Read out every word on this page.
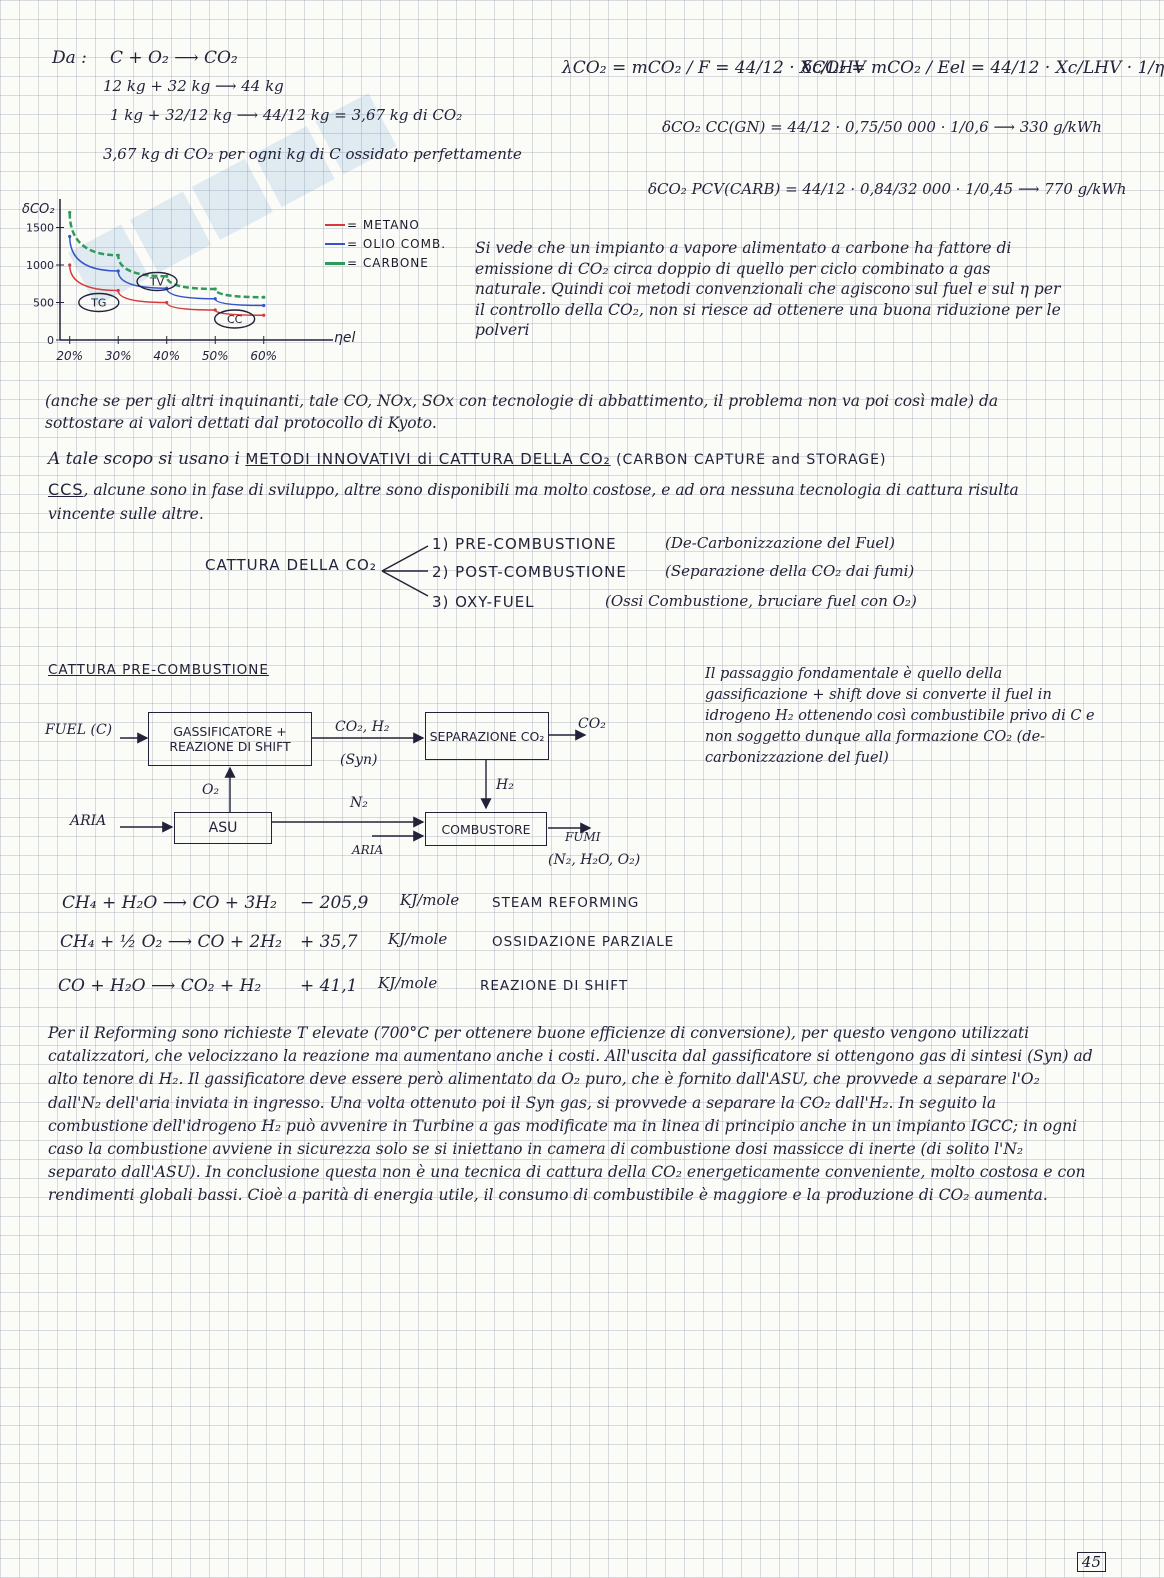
Da : C + O₂ ⟶ CO₂
12 kg + 32 kg ⟶ 44 kg
1 kg + 32/12 kg ⟶ 44/12 kg = 3,67 kg di CO₂
3,67 kg di CO₂ per ogni kg di C ossidato perfettamente
λCO₂ = mCO₂ / F = 44/12 · Xc/LHV
δCO₂ = mCO₂ / Eel = 44/12 · Xc/LHV · 1/η
δCO₂ CC(GN) = 44/12 · 0,75/50 000 · 1/0,6 ⟶ 330 g/kWh
δCO₂ PCV(CARB) = 44/12 · 0,84/32 000 · 1/0,45 ⟶ 770 g/kWh
δCO₂
ηel
1500
1000
500
0
20% 30% 40% 50% 60%
TV
TG
CC
= METANO
= OLIO COMB.
= CARBONE
Si vede che un impianto a vapore alimentato a carbone ha fattore di emissione di CO₂ circa doppio di quello per ciclo combinato a gas naturale. Quindi coi metodi convenzionali che agiscono sul fuel e sul η per il controllo della CO₂, non si riesce ad ottenere una buona riduzione per le polveri
(anche se per gli altri inquinanti, tale CO, NOx, SOx con tecnologie di abbattimento, il problema non va poi così male) da sottostare ai valori dettati dal protocollo di Kyoto.
A tale scopo si usano i METODI INNOVATIVI di CATTURA DELLA CO₂ (CARBON CAPTURE and STORAGE)
CCS, alcune sono in fase di sviluppo, altre sono disponibili ma molto costose, e ad ora nessuna tecnologia di cattura risulta vincente sulle altre.
CATTURA DELLA CO₂
1) PRE-COMBUSTIONE	(De-Carbonizzazione del Fuel)
2) POST-COMBUSTIONE	(Separazione della CO₂ dai fumi)
3) OXY-FUEL	(Ossi Combustione, bruciare fuel con O₂)
CATTURA PRE-COMBUSTIONE	Il passaggio fondamentale è quello della gassificazione + shift dove si converte il fuel in idrogeno H₂ ottenendo così combustibile privo di C e non soggetto dunque alla formazione CO₂ (de-carbonizzazione del fuel)
FUEL (C)	GASSIFICATORE + REAZIONE DI SHIFT
CO₂, H₂
(Syn)
SEPARAZIONE CO₂
CO₂
O₂	H₂
N₂
ARIA	ASU	COMBUSTORE
ARIA
FUMI
(N₂, H₂O, O₂)
CH₄ + H₂O ⟶ CO + 3H₂ − 205,9 KJ/mole STEAM REFORMING
CH₄ + ½ O₂ ⟶ CO + 2H₂ + 35,7 KJ/mole	OSSIDAZIONE PARZIALE
CO + H₂O ⟶ CO₂ + H₂ + 41,1 KJ/mole	REAZIONE DI SHIFT
Per il Reforming sono richieste T elevate (700°C per ottenere buone efficienze di conversione), per questo vengono utilizzati catalizzatori, che velocizzano la reazione ma aumentano anche i costi. All'uscita dal gassificatore si ottengono gas di sintesi (Syn) ad alto tenore di H₂. Il gassificatore deve essere però alimentato da O₂ puro, che è fornito dall'ASU, che provvede a separare l'O₂ dall'N₂ dell'aria inviata in ingresso. Una volta ottenuto poi il Syn gas, si provvede a separare la CO₂ dall'H₂. In seguito la combustione dell'idrogeno H₂ può avvenire in Turbine a gas modificate ma in linea di principio anche in un impianto IGCC; in ogni caso la combustione avviene in sicurezza solo se si iniettano in camera di combustione dosi massicce di inerte (di solito l'N₂ separato dall'ASU). In conclusione questa non è una tecnica di cattura della CO₂ energeticamente conveniente, molto costosa e con rendimenti globali bassi. Cioè a parità di energia utile, il consumo di combustibile è maggiore e la produzione di CO₂ aumenta.
45
